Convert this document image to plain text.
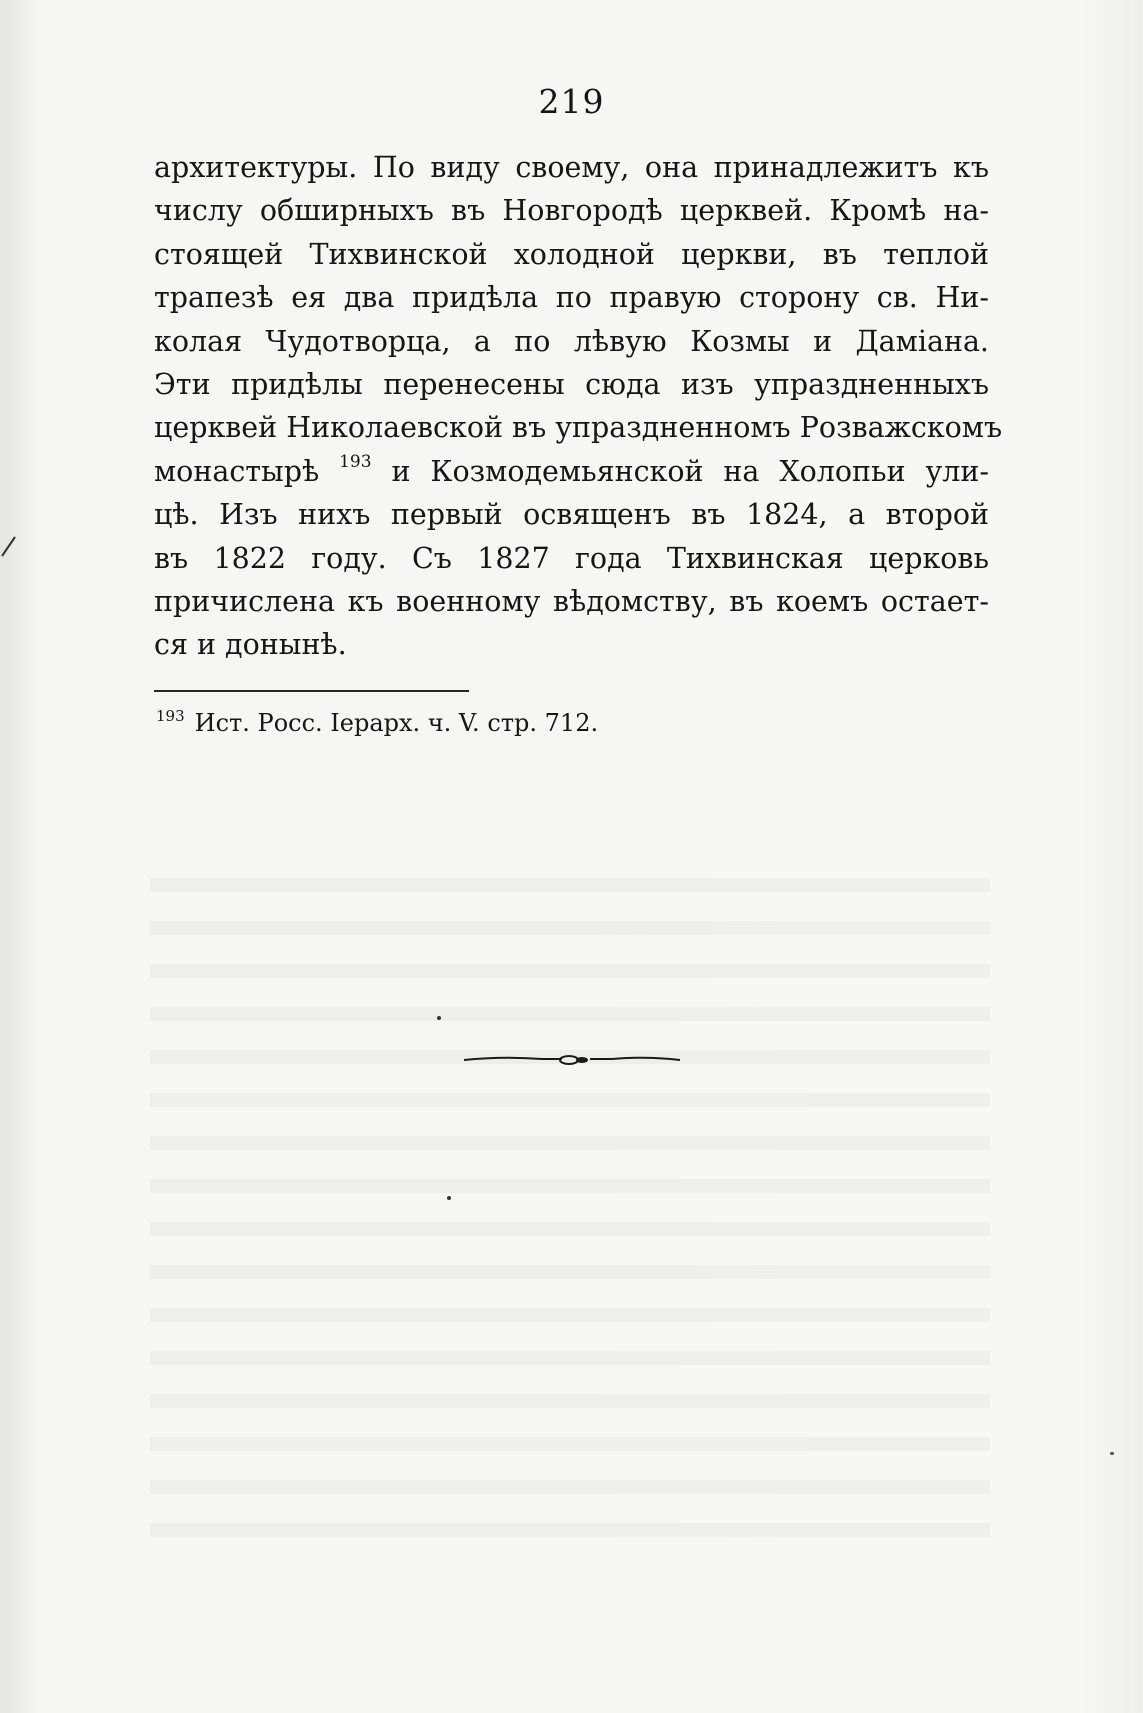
219
архитектуры. По виду своему, она принадлежитъ къ
числу обширныхъ въ Новгородѣ церквей. Кромѣ на-
стоящей Тихвинской холодной церкви, въ теплой
трапезѣ ея два придѣла по правую сторону св. Ни-
колая Чудотворца, а по лѣвую Козмы и Даміана.
Эти придѣлы перенесены сюда изъ упраздненныхъ
церквей Николаевской въ упраздненномъ Розважскомъ
монастырѣ $^{193}$ и Козмодемьянской на Холопьи ули-
цѣ. Изъ нихъ первый освященъ въ 1824, а второй
въ 1822 году. Съ 1827 года Тихвинская церковь
причислена къ военному вѣдомству, въ коемъ остает-
ся и донынѣ.
$^{193}$ Ист. Росс. Іерарх. ч. V. стр. 712.
